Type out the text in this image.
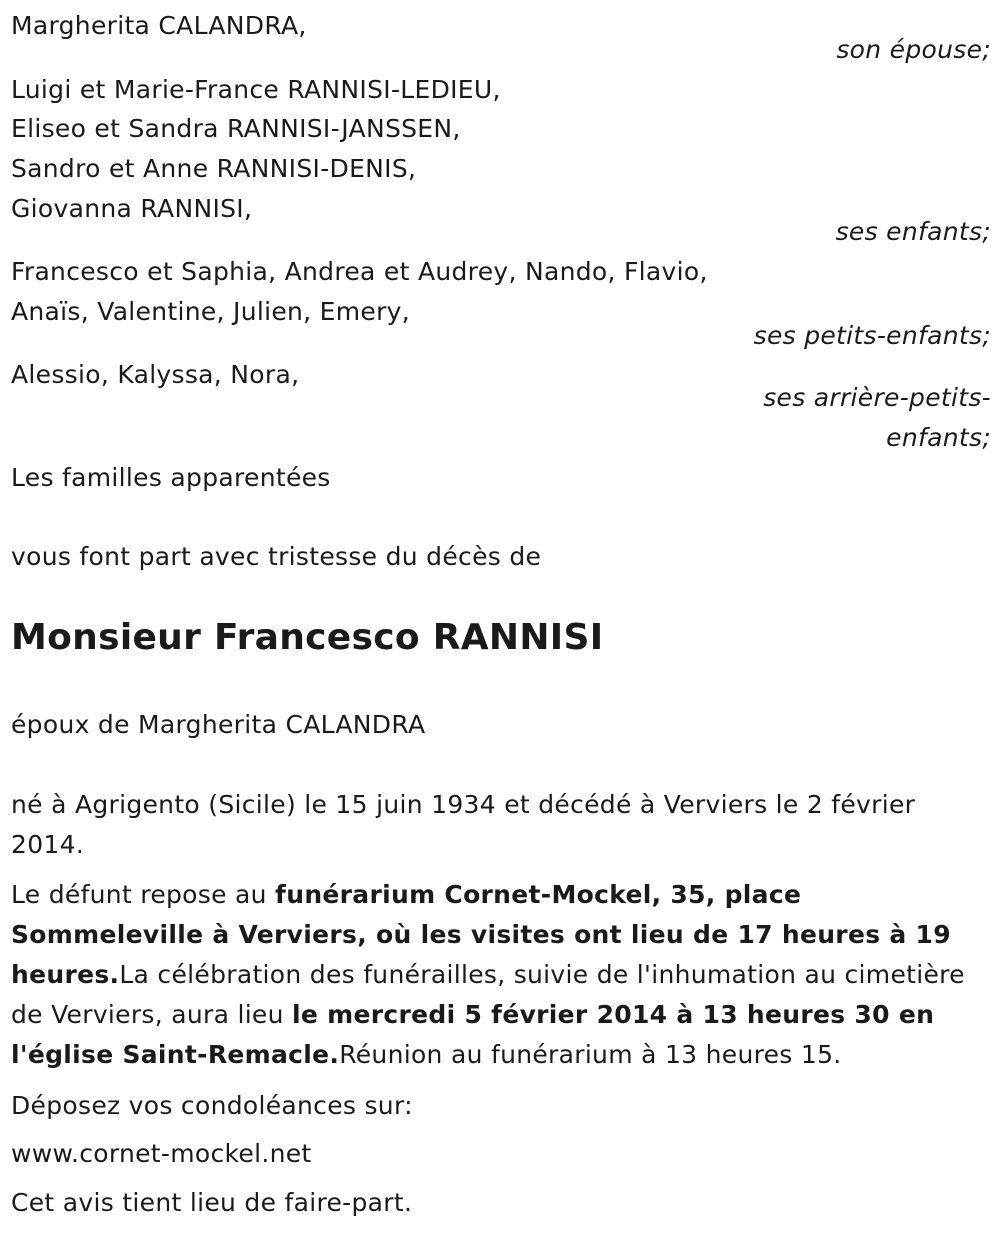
Margherita CALANDRA,
son épouse;
Luigi et Marie-France RANNISI-LEDIEU,
Eliseo et Sandra RANNISI-JANSSEN,
Sandro et Anne RANNISI-DENIS,
Giovanna RANNISI,
ses enfants;
Francesco et Saphia, Andrea et Audrey, Nando, Flavio,
Anaïs, Valentine, Julien, Emery,
ses petits-enfants;
Alessio, Kalyssa, Nora,
ses arrière-petits-
enfants;
Les familles apparentées
vous font part avec tristesse du décès de
Monsieur Francesco RANNISI
époux de Margherita CALANDRA
né à Agrigento (Sicile) le 15 juin 1934 et décédé à Verviers le 2 février
2014.
Le défunt repose au funérarium Cornet-Mockel, 35, place Sommeleville à Verviers, où les visites ont lieu de 17 heures à 19 heures.La célébration des funérailles, suivie de l'inhumation au cimetière de Verviers, aura lieu le mercredi 5 février 2014 à 13 heures 30 en l'église Saint-Remacle.Réunion au funérarium à 13 heures 15.
Déposez vos condoléances sur:
www.cornet-mockel.net
Cet avis tient lieu de faire-part.
